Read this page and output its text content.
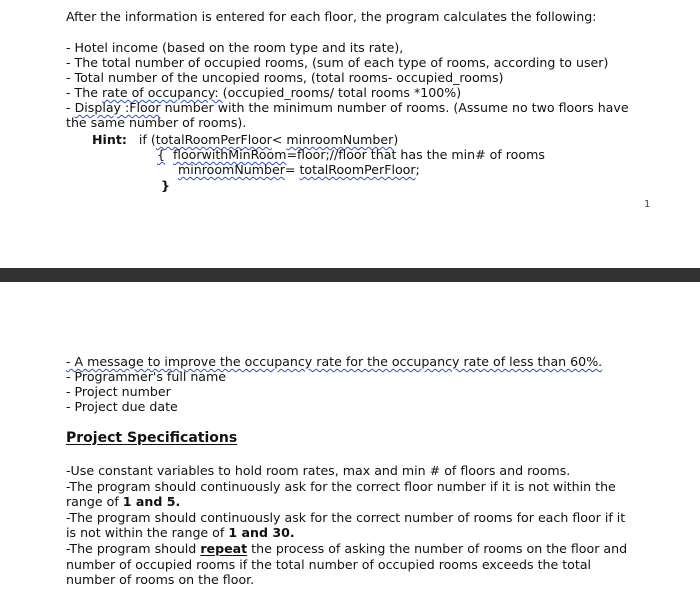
After the information is entered for each floor, the program calculates the following:
- Hotel income (based on the room type and its rate),
- The total number of occupied rooms, (sum of each type of rooms, according to user)
- Total number of the uncopied rooms, (total rooms- occupied_rooms)
- The rate of occupancy: (occupied_rooms/ total rooms *100%)
- Display :Floor number with the minimum number of rooms. (Assume no two floors have
the same number of rooms).
Hint: if (totalRoomPerFloor< minroomNumber)
{ floorwithMinRoom=floor;//floor that has the min# of rooms
minroomNumber= totalRoomPerFloor;
}
1
- A message to improve the occupancy rate for the occupancy rate of less than 60%.
- Programmer's full name
- Project number
- Project due date
Project Specifications
-Use constant variables to hold room rates, max and min # of floors and rooms.
-The program should continuously ask for the correct floor number if it is not within the
range of 1 and 5.
-The program should continuously ask for the correct number of rooms for each floor if it
is not within the range of 1 and 30.
-The program should repeat the process of asking the number of rooms on the floor and
number of occupied rooms if the total number of occupied rooms exceeds the total
number of rooms on the floor.
